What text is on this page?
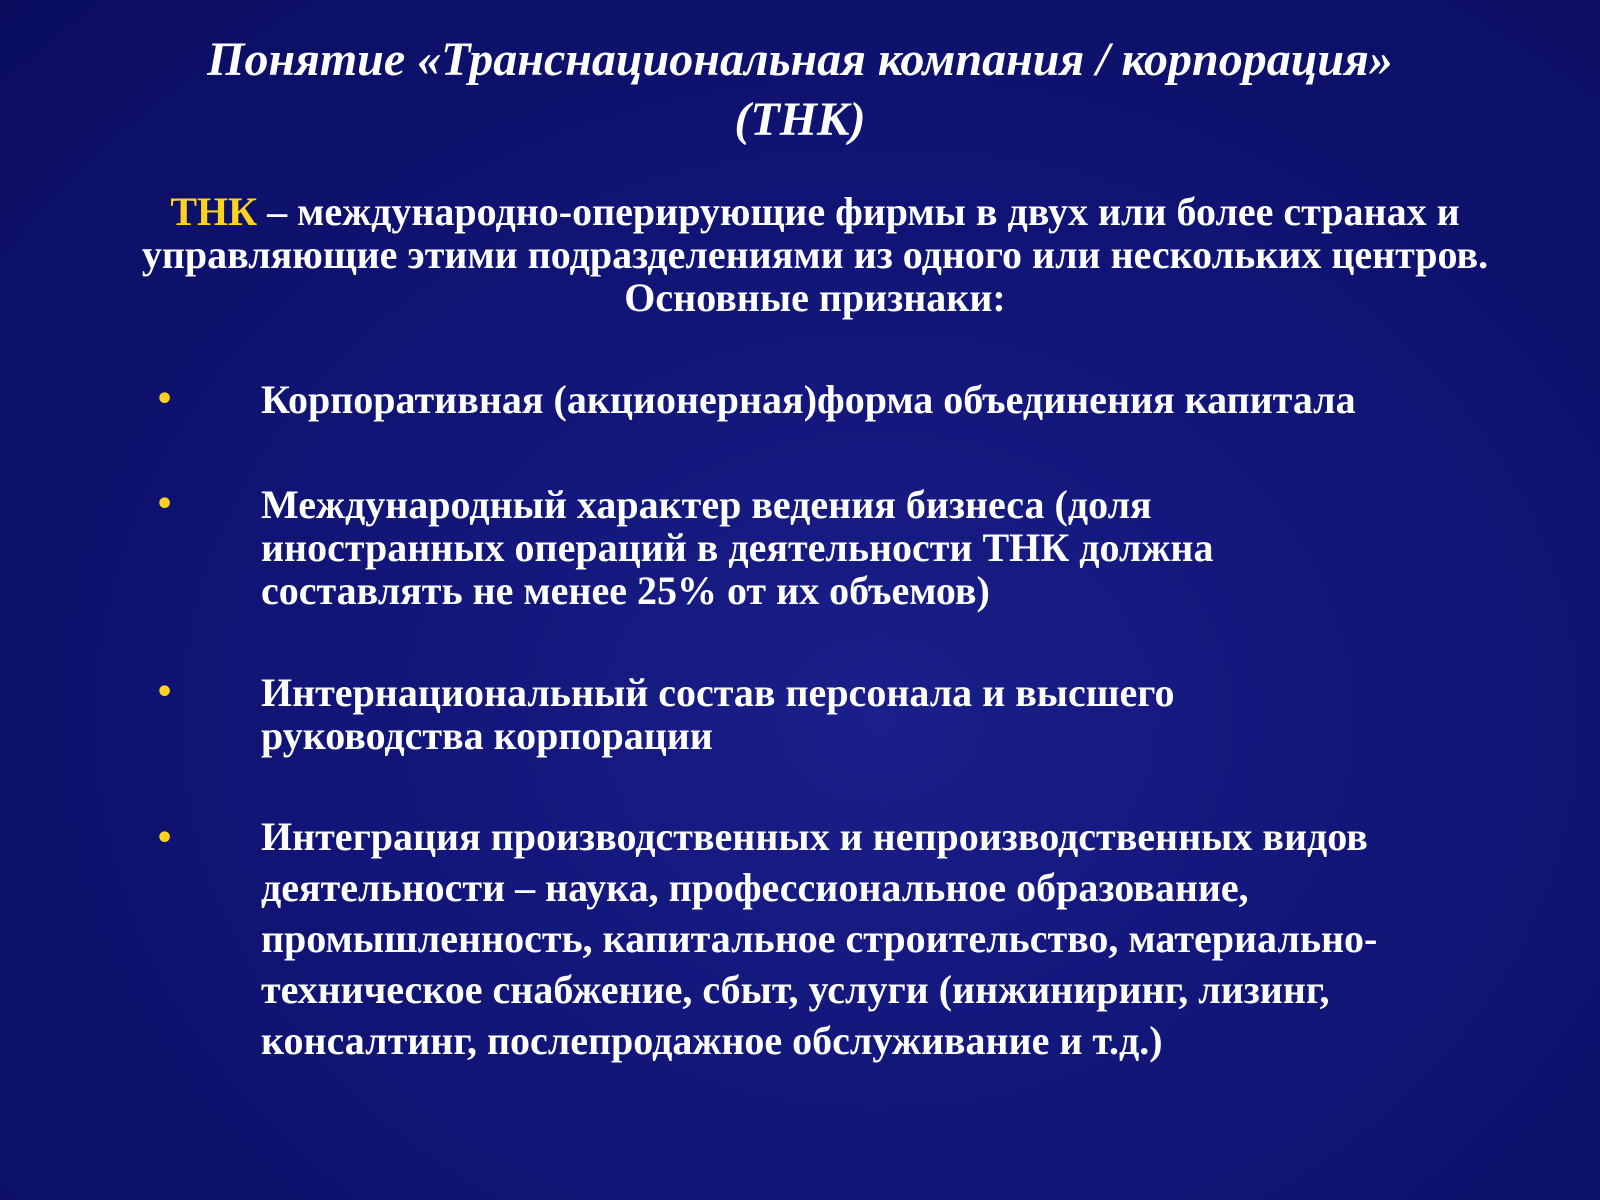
Понятие «Транснациональная компания / корпорация»
(ТНК)
ТНК – международно-оперирующие фирмы в двух или более странах и управляющие этими подразделениями из одного или нескольких центров. Основные признаки:
• Корпоративная (акционерная)форма объединения капитала
• Международный характер ведения бизнеса (доля иностранных операций в деятельности ТНК должна составлять не менее 25% от их объемов)
• Интернациональный состав персонала и высшего руководства корпорации
• Интеграция производственных и непроизводственных видов деятельности – наука, профессиональное образование, промышленность, капитальное строительство, материально-техническое снабжение, сбыт, услуги (инжиниринг, лизинг, консалтинг, послепродажное обслуживание и т.д.)
